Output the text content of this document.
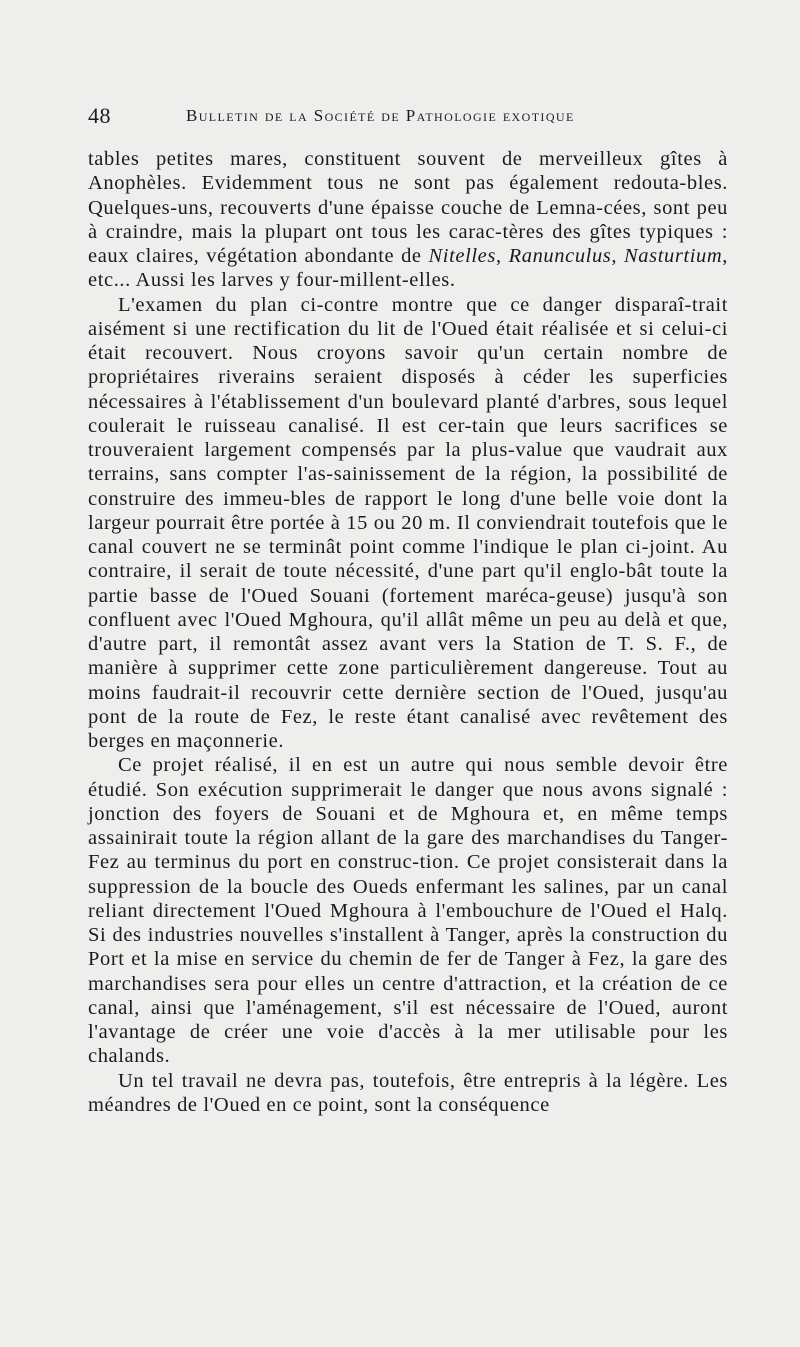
48	Bulletin de la Société de Pathologie exotique

tables petites mares, constituent souvent de merveilleux gîtes à Anophèles. Evidemment tous ne sont pas également redouta-bles. Quelques-uns, recouverts d'une épaisse couche de Lemna-cées, sont peu à craindre, mais la plupart ont tous les carac-tères des gîtes typiques : eaux claires, végétation abondante de Nitelles, Ranunculus, Nasturtium, etc... Aussi les larves y four-millent-elles.

L'examen du plan ci-contre montre que ce danger disparaî-trait aisément si une rectification du lit de l'Oued était réalisée et si celui-ci était recouvert. Nous croyons savoir qu'un certain nombre de propriétaires riverains seraient disposés à céder les superficies nécessaires à l'établissement d'un boulevard planté d'arbres, sous lequel coulerait le ruisseau canalisé. Il est cer-tain que leurs sacrifices se trouveraient largement compensés par la plus-value que vaudrait aux terrains, sans compter l'as-sainissement de la région, la possibilité de construire des immeu-bles de rapport le long d'une belle voie dont la largeur pourrait être portée à 15 ou 20 m. Il conviendrait toutefois que le canal couvert ne se terminât point comme l'indique le plan ci-joint. Au contraire, il serait de toute nécessité, d'une part qu'il englo-bât toute la partie basse de l'Oued Souani (fortement maréca-geuse) jusqu'à son confluent avec l'Oued Mghoura, qu'il allât même un peu au delà et que, d'autre part, il remontât assez avant vers la Station de T. S. F., de manière à supprimer cette zone particulièrement dangereuse. Tout au moins faudrait-il recouvrir cette dernière section de l'Oued, jusqu'au pont de la route de Fez, le reste étant canalisé avec revêtement des berges en maçonnerie.

Ce projet réalisé, il en est un autre qui nous semble devoir être étudié. Son exécution supprimerait le danger que nous avons signalé : jonction des foyers de Souani et de Mghoura et, en même temps assainirait toute la région allant de la gare des marchandises du Tanger-Fez au terminus du port en construc-tion. Ce projet consisterait dans la suppression de la boucle des Oueds enfermant les salines, par un canal reliant directement l'Oued Mghoura à l'embouchure de l'Oued el Halq. Si des industries nouvelles s'installent à Tanger, après la construction du Port et la mise en service du chemin de fer de Tanger à Fez, la gare des marchandises sera pour elles un centre d'attraction, et la création de ce canal, ainsi que l'aménagement, s'il est nécessaire de l'Oued, auront l'avantage de créer une voie d'accès à la mer utilisable pour les chalands.

Un tel travail ne devra pas, toutefois, être entrepris à la légère. Les méandres de l'Oued en ce point, sont la conséquence
